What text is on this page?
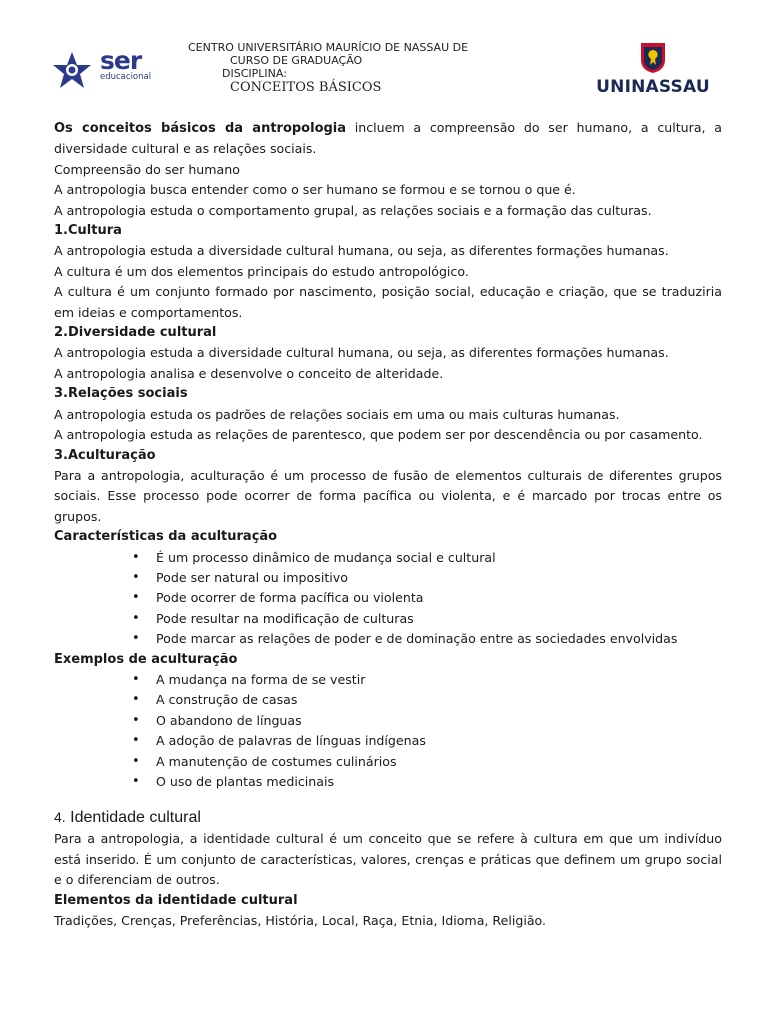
ser
educacional
CENTRO UNIVERSITÁRIO MAURÍCIO DE NASSAU DE
CURSO DE GRADUAÇÃO
DISCIPLINA:
CONCEITOS BÁSICOS	UNINASSAU

Os conceitos básicos da antropologia incluem a compreensão do ser humano, a cultura, a diversidade cultural e as relações sociais.

Compreensão do ser humano

A antropologia busca entender como o ser humano se formou e se tornou o que é.

A antropologia estuda o comportamento grupal, as relações sociais e a formação das culturas.

1.Cultura

A antropologia estuda a diversidade cultural humana, ou seja, as diferentes formações humanas.

A cultura é um dos elementos principais do estudo antropológico.

A cultura é um conjunto formado por nascimento, posição social, educação e criação, que se traduziria em ideias e comportamentos.

2.Diversidade cultural

A antropologia estuda a diversidade cultural humana, ou seja, as diferentes formações humanas.

A antropologia analisa e desenvolve o conceito de alteridade.

3.Relações sociais

A antropologia estuda os padrões de relações sociais em uma ou mais culturas humanas.

A antropologia estuda as relações de parentesco, que podem ser por descendência ou por casamento.

3.Aculturação

Para a antropologia, aculturação é um processo de fusão de elementos culturais de diferentes grupos sociais. Esse processo pode ocorrer de forma pacífica ou violenta, e é marcado por trocas entre os grupos.

Características da aculturação

• É um processo dinâmico de mudança social e cultural
• Pode ser natural ou impositivo
• Pode ocorrer de forma pacífica ou violenta
• Pode resultar na modificação de culturas
• Pode marcar as relações de poder e de dominação entre as sociedades envolvidas

Exemplos de aculturação

• A mudança na forma de se vestir
• A construção de casas
• O abandono de línguas
• A adoção de palavras de línguas indígenas
• A manutenção de costumes culinários
• O uso de plantas medicinais

4. Identidade cultural

Para a antropologia, a identidade cultural é um conceito que se refere à cultura em que um indivíduo está inserido. É um conjunto de características, valores, crenças e práticas que definem um grupo social e o diferenciam de outros.

Elementos da identidade cultural

Tradições, Crenças, Preferências, História, Local, Raça, Etnia, Idioma, Religião.
